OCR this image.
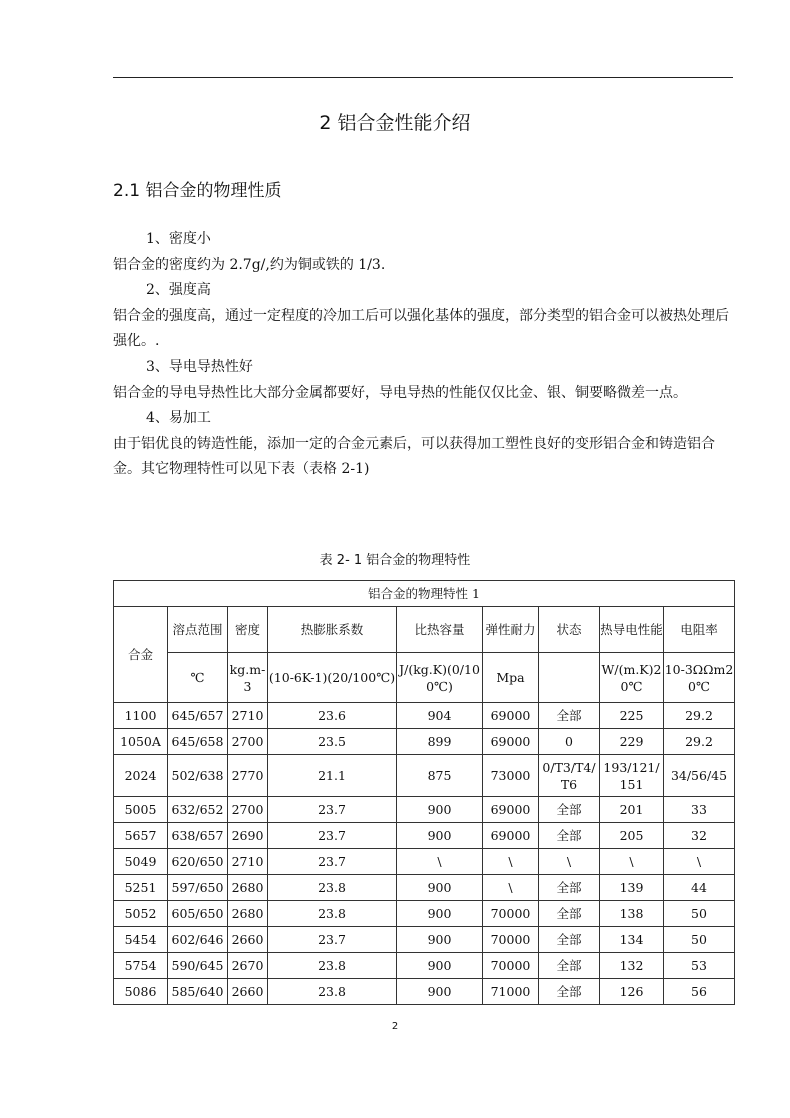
2 铝合金性能介绍
2.1 铝合金的物理性质

1、密度小

铝合金的密度约为 2.7g/,约为铜或铁的 1/3.

2、强度高

铝合金的强度高，通过一定程度的冷加工后可以强化基体的强度，部分类型的铝合金可以被热处理后强化。.

3、导电导热性好

铝合金的导电导热性比大部分金属都要好，导电导热的性能仅仅比金、银、铜要略微差一点。

4、易加工

由于铝优良的铸造性能，添加一定的合金元素后，可以获得加工塑性良好的变形铝合金和铸造铝合金。其它物理特性可以见下表（表格 2-1)

表 2- 1 铝合金的物理特性
铝合金的物理特性 1								
合金	溶点范围	密度	热膨胀系数	比热容量	弹性耐力	状态	热导电性能	电阻率
	℃	kg.m-3	(10-6K-1)(20/100℃)	J/(kg.K)(0/100℃)	Mpa		W/(m.K)20℃	10-3ΩΩm20℃
1100	645/657	2710	23.6	904	69000	全部	225	29.2
1050A	645/658	2700	23.5	899	69000	0	229	29.2
2024	502/638	2770	21.1	875	73000	0/T3/T4/T6	193/121/151	34/56/45
5005	632/652	2700	23.7	900	69000	全部	201	33
5657	638/657	2690	23.7	900	69000	全部	205	32
5049	620/650	2710	23.7	\	\	\	\	\
5251	597/650	2680	23.8	900	\	全部	139	44
5052	605/650	2680	23.8	900	70000	全部	138	50
5454	602/646	2660	23.7	900	70000	全部	134	50
5754	590/645	2670	23.8	900	70000	全部	132	53
5086	585/640	2660	23.8	900	71000	全部	126	56
2
